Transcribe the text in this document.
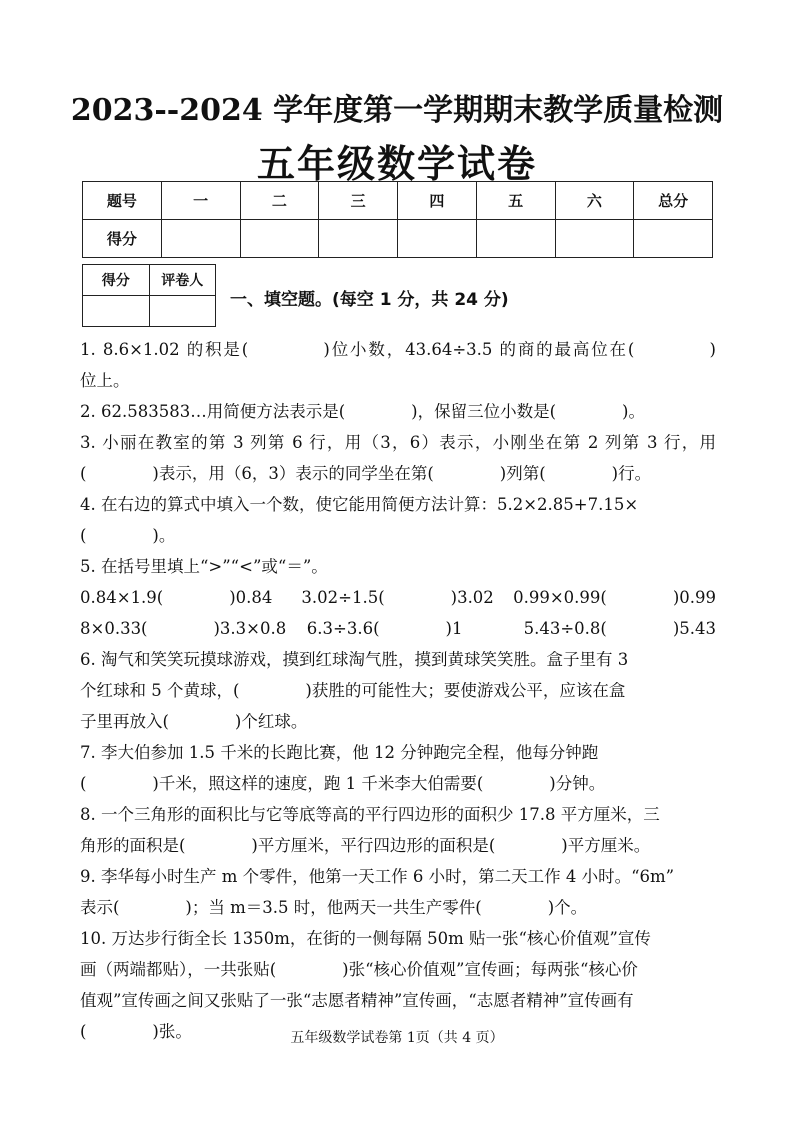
2023--2024 学年度第一学期期末教学质量检测
五年级数学试卷
题号	一	二	三	四	五	六	总分
得分							
得分	评卷人

一、填空题。(每空 1 分，共 24 分)
1. 8.6×1.02 的积是(　　　　)位小数，43.64÷3.5 的商的最高位在(　　　　)
位上。
2. 62.583583…用简便方法表示是(　　　　)，保留三位小数是(　　　　)。
3. 小丽在教室的第 3 列第 6 行，用（3，6）表示，小刚坐在第 2 列第 3 行，用
(　　　　)表示，用（6，3）表示的同学坐在第(　　　　)列第(　　　　)行。
4. 在右边的算式中填入一个数，使它能用简便方法计算：5.2×2.85+7.15×
(　　　　)。
5. 在括号里填上“>”“<”或“＝”。
0.84×1.9(　　　　)0.84	3.02÷1.5(　　　　)3.02	0.99×0.99(　　　　)0.99
8×0.33(　　　　)3.3×0.8	6.3÷3.6(　　　　)1	5.43÷0.8(　　　　)5.43
6. 淘气和笑笑玩摸球游戏，摸到红球淘气胜，摸到黄球笑笑胜。盒子里有 3
个红球和 5 个黄球，(　　　　)获胜的可能性大；要使游戏公平，应该在盒
子里再放入(　　　　)个红球。
7. 李大伯参加 1.5 千米的长跑比赛，他 12 分钟跑完全程，他每分钟跑
(　　　　)千米，照这样的速度，跑 1 千米李大伯需要(　　　　)分钟。
8. 一个三角形的面积比与它等底等高的平行四边形的面积少 17.8 平方厘米，三
角形的面积是(　　　　)平方厘米，平行四边形的面积是(　　　　)平方厘米。
9. 李华每小时生产 m 个零件，他第一天工作 6 小时，第二天工作 4 小时。“6m”
表示(　　　　)；当 m＝3.5 时，他两天一共生产零件(　　　　)个。
10. 万达步行街全长 1350m，在街的一侧每隔 50m 贴一张“核心价值观”宣传
画（两端都贴），一共张贴(　　　　)张“核心价值观”宣传画；每两张“核心价
值观”宣传画之间又张贴了一张“志愿者精神”宣传画，“志愿者精神”宣传画有
(　　　　)张。	五年级数学试卷第 1页（共 4 页）
